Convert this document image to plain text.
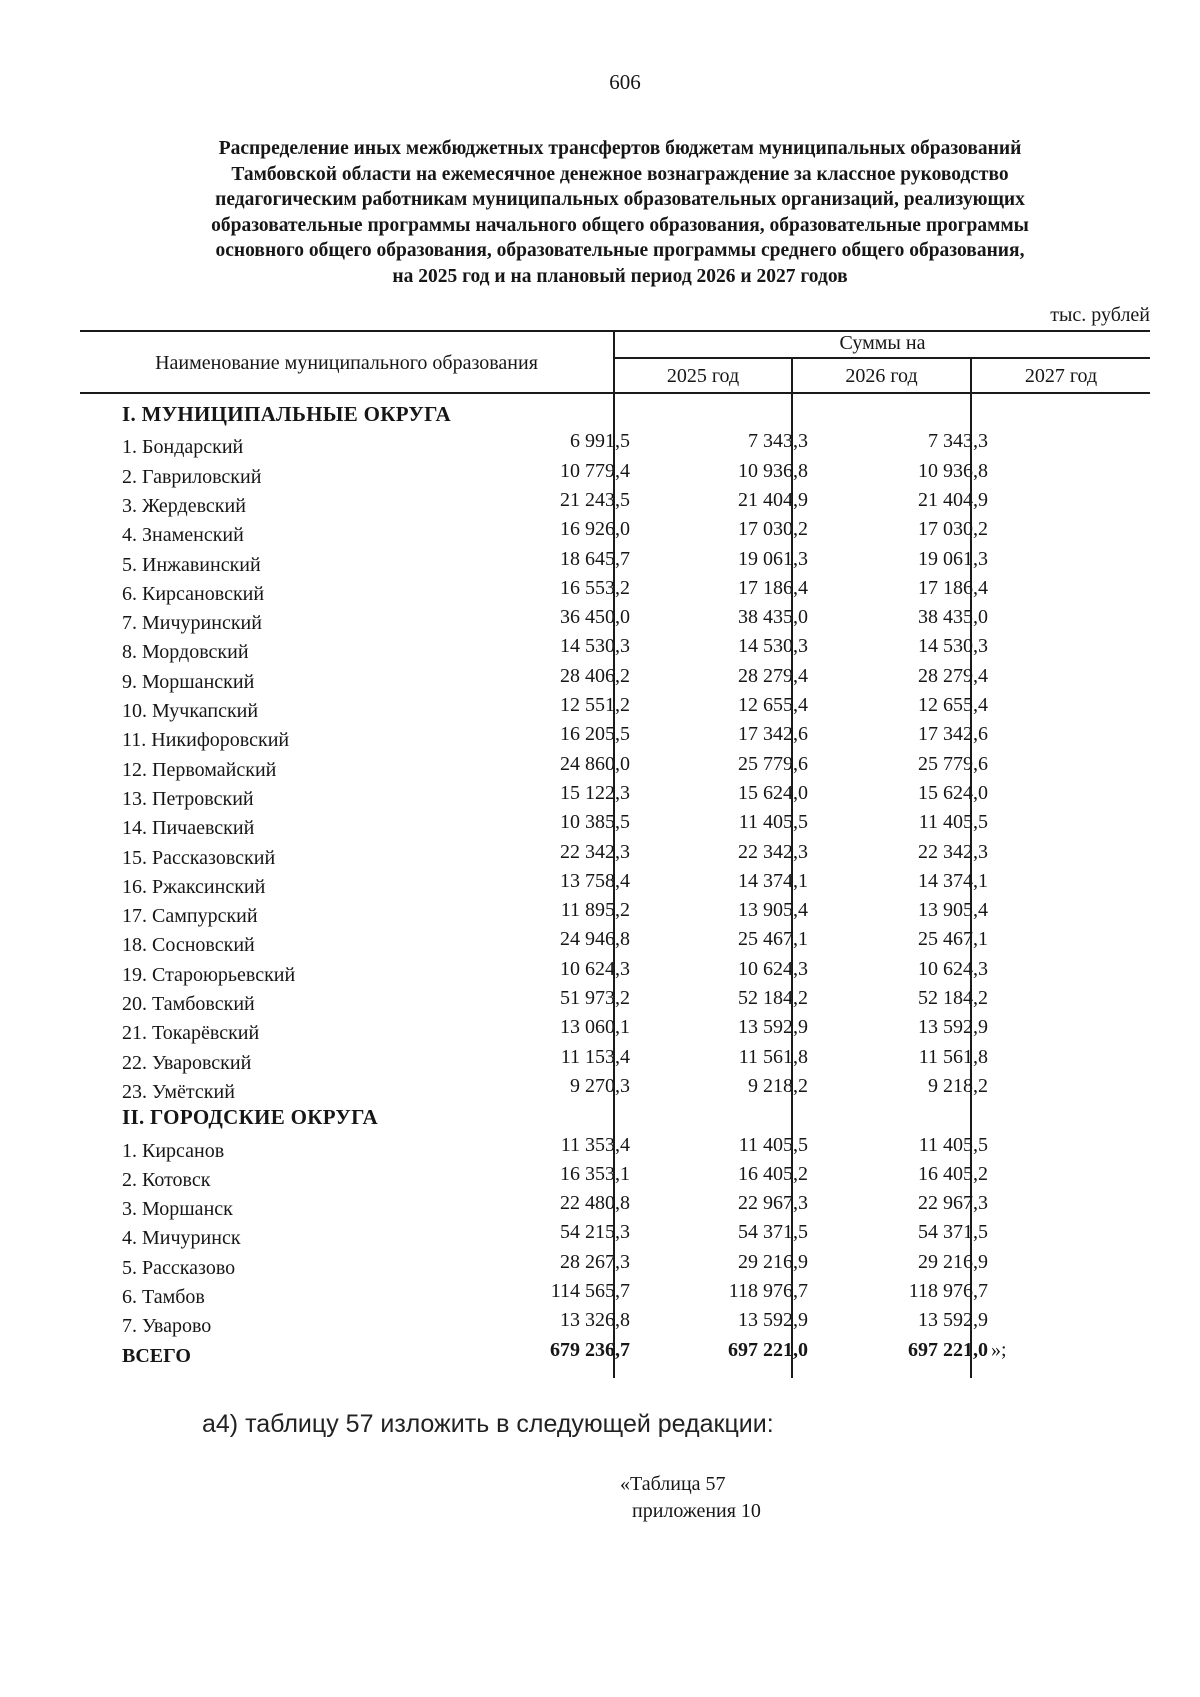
606
Распределение иных межбюджетных трансфертов бюджетам муниципальных образований
Тамбовской области на ежемесячное денежное вознаграждение за классное руководство
педагогическим работникам муниципальных образовательных организаций, реализующих
образовательные программы начального общего образования, образовательные программы
основного общего образования, образовательные программы среднего общего образования,
на 2025 год и на плановый период 2026 и 2027 годов
тыс. рублей
Наименование муниципального образования
Суммы на
2025 год	2026 год	2027 год
I. МУНИЦИПАЛЬНЫЕ ОКРУГА
1. Бондарский	6 991,5	7 343,3	7 343,3
2. Гавриловский	10 779,4	10 936,8	10 936,8
3. Жердевский	21 243,5	21 404,9	21 404,9
4. Знаменский	16 926,0	17 030,2	17 030,2
5. Инжавинский	18 645,7	19 061,3	19 061,3
6. Кирсановский	16 553,2	17 186,4	17 186,4
7. Мичуринский	36 450,0	38 435,0	38 435,0
8. Мордовский	14 530,3	14 530,3	14 530,3
9. Моршанский	28 406,2	28 279,4	28 279,4
10. Мучкапский	12 551,2	12 655,4	12 655,4
11. Никифоровский	16 205,5	17 342,6	17 342,6
12. Первомайский	24 860,0	25 779,6	25 779,6
13. Петровский	15 122,3	15 624,0	15 624,0
14. Пичаевский	10 385,5	11 405,5	11 405,5
15. Рассказовский	22 342,3	22 342,3	22 342,3
16. Ржаксинский	13 758,4	14 374,1	14 374,1
17. Сампурский	11 895,2	13 905,4	13 905,4
18. Сосновский	24 946,8	25 467,1	25 467,1
19. Староюрьевский	10 624,3	10 624,3	10 624,3
20. Тамбовский	51 973,2	52 184,2	52 184,2
21. Токарёвский	13 060,1	13 592,9	13 592,9
22. Уваровский	11 153,4	11 561,8	11 561,8
23. Умётский	9 270,3	9 218,2	9 218,2
II. ГОРОДСКИЕ ОКРУГА
1. Кирсанов	11 353,4	11 405,5	11 405,5
2. Котовск	16 353,1	16 405,2	16 405,2
3. Моршанск	22 480,8	22 967,3	22 967,3
4. Мичуринск	54 215,3	54 371,5	54 371,5
5. Рассказово	28 267,3	29 216,9	29 216,9
6. Тамбов	114 565,7	118 976,7	118 976,7
7. Уварово	13 326,8	13 592,9	13 592,9
ВСЕГО	679 236,7	697 221,0	697 221,0 »;
а4) таблицу 57 изложить в следующей редакции:
«Таблица 57
приложения 10
